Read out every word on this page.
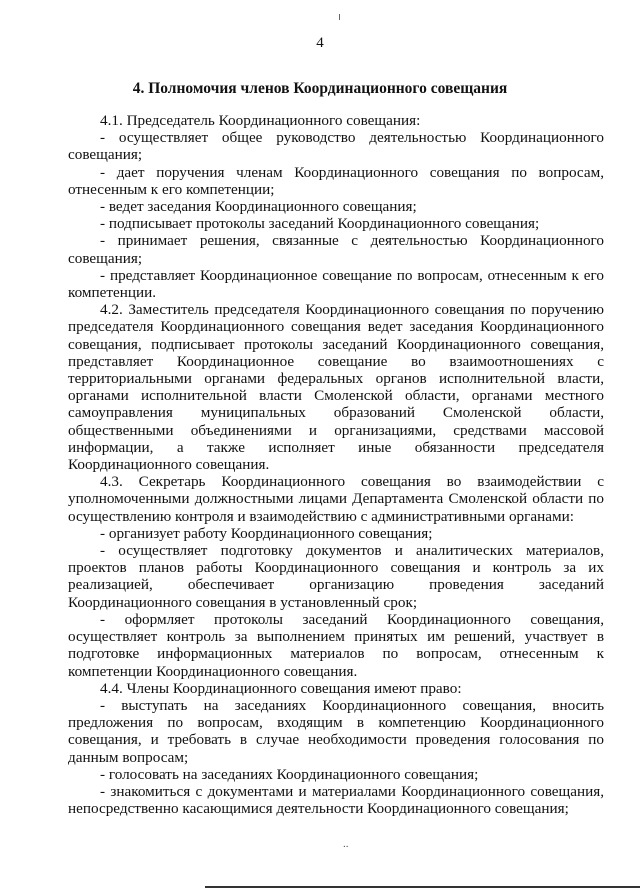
4
4. Полномочия членов Координационного совещания

4.1. Председатель Координационного совещания:

- осуществляет общее руководство деятельностью Координационного совещания;

- дает поручения членам Координационного совещания по вопросам, отнесенным к его компетенции;

- ведет заседания Координационного совещания;

- подписывает протоколы заседаний Координационного совещания;

- принимает решения, связанные с деятельностью Координационного совещания;

- представляет Координационное совещание по вопросам, отнесенным к его компетенции.

4.2. Заместитель председателя Координационного совещания по поручению председателя Координационного совещания ведет заседания Координационного совещания, подписывает протоколы заседаний Координационного совещания, представляет Координационное совещание во взаимоотношениях с территориальными органами федеральных органов исполнительной власти, органами исполнительной власти Смоленской области, органами местного самоуправления муниципальных образований Смоленской области, общественными объединениями и организациями, средствами массовой информации, а также исполняет иные обязанности председателя Координационного совещания.

4.3. Секретарь Координационного совещания во взаимодействии с уполномоченными должностными лицами Департамента Смоленской области по осуществлению контроля и взаимодействию с административными органами:

- организует работу Координационного совещания;

- осуществляет подготовку документов и аналитических материалов, проектов планов работы Координационного совещания и контроль за их реализацией, обеспечивает организацию проведения заседаний Координационного совещания в установленный срок;

- оформляет протоколы заседаний Координационного совещания, осуществляет контроль за выполнением принятых им решений, участвует в подготовке информационных материалов по вопросам, отнесенным к компетенции Координационного совещания.

4.4. Члены Координационного совещания имеют право:

- выступать на заседаниях Координационного совещания, вносить предложения по вопросам, входящим в компетенцию Координационного совещания, и требовать в случае необходимости проведения голосования по данным вопросам;

- голосовать на заседаниях Координационного совещания;

- знакомиться с документами и материалами Координационного совещания, непосредственно касающимися деятельности Координационного совещания;

..
